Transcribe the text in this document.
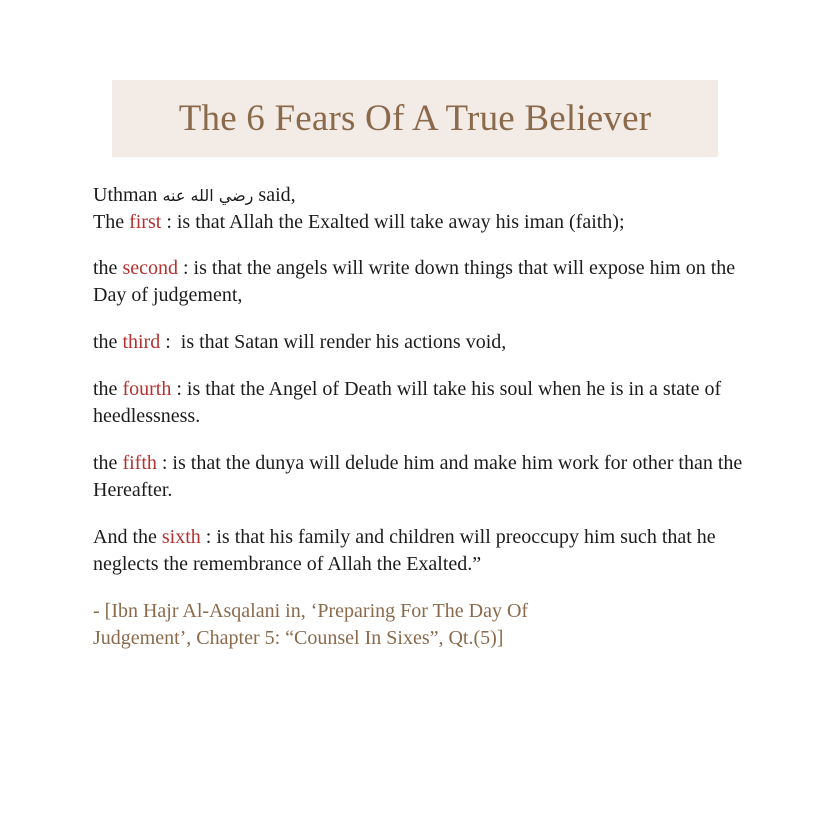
The 6 Fears Of A True Believer
Uthman رضي الله عنه said,
The first : is that Allah the Exalted will take away his iman (faith);
the second : is that the angels will write down things that will expose him on the Day of judgement,
the third :  is that Satan will render his actions void,
the fourth : is that the Angel of Death will take his soul when he is in a state of heedlessness.
the fifth : is that the dunya will delude him and make him work for other than the Hereafter.
And the sixth : is that his family and children will preoccupy him such that he neglects the remembrance of Allah the Exalted.”
- [Ibn Hajr Al-Asqalani in, ‘Preparing For The Day Of
Judgement’, Chapter 5: “Counsel In Sixes”, Qt.(5)]
